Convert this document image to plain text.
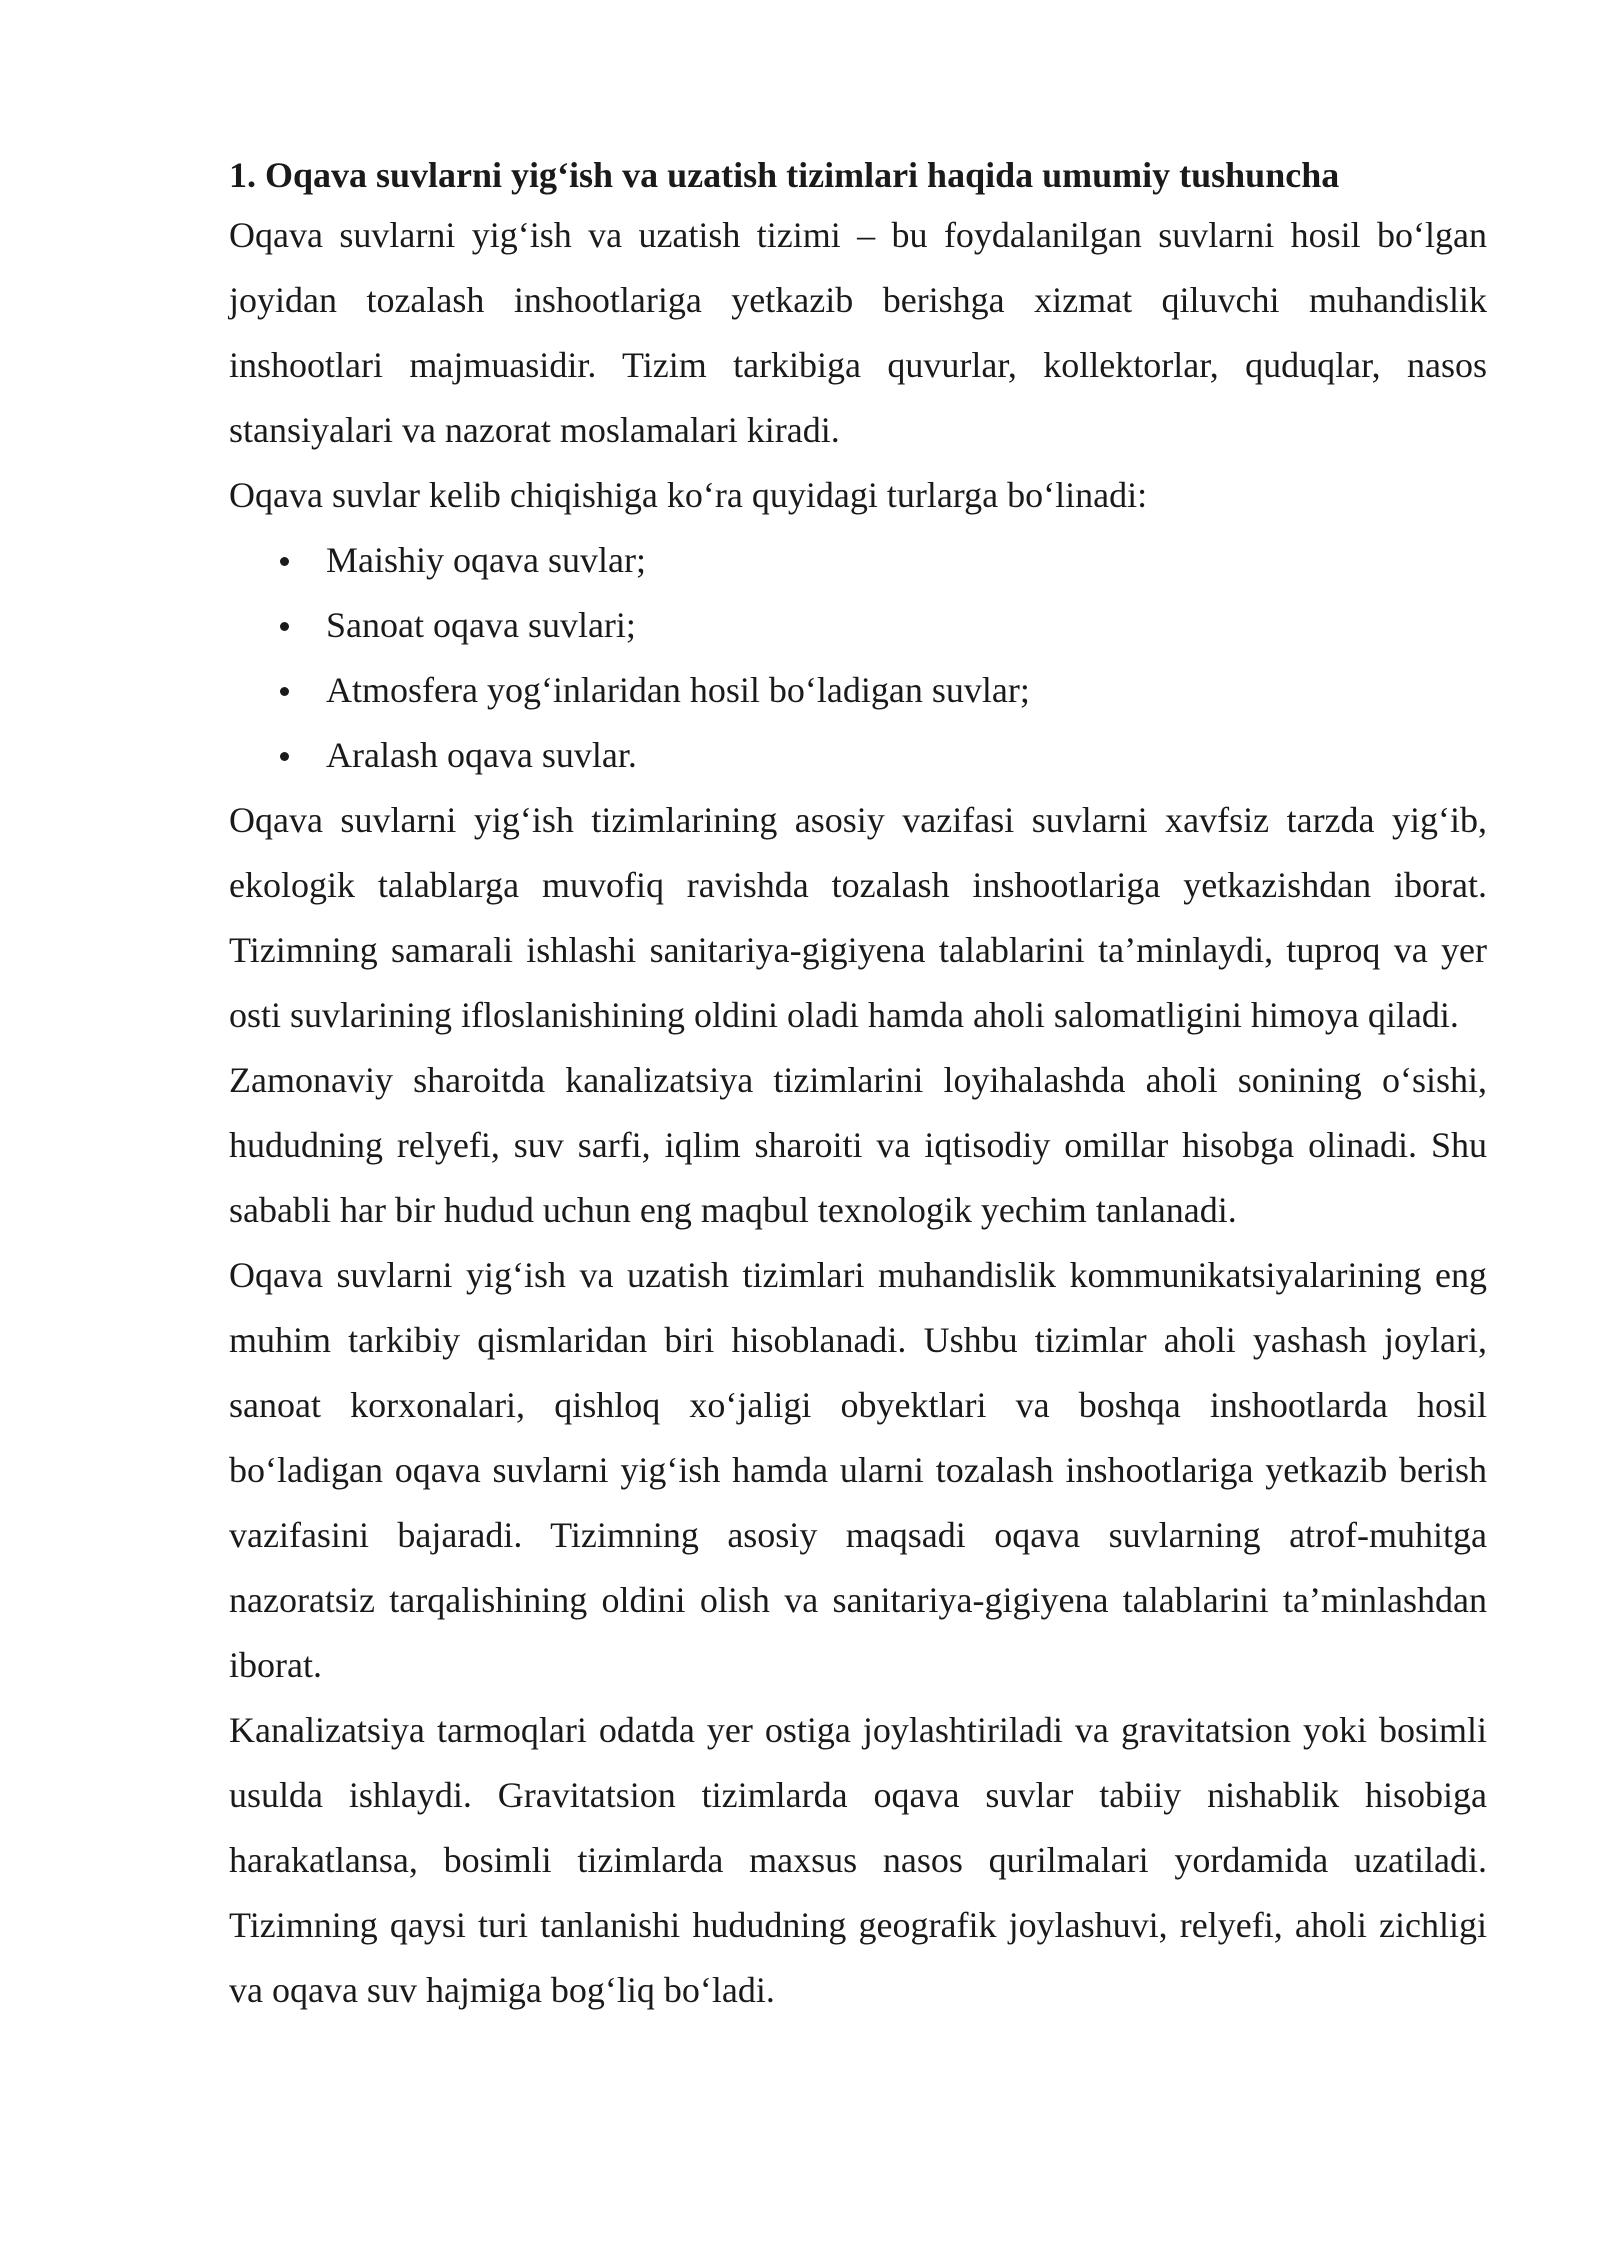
1. Oqava suvlarni yig‘ish va uzatish tizimlari haqida umumiy tushuncha

Oqava suvlarni yig‘ish va uzatish tizimi – bu foydalanilgan suvlarni hosil bo‘lgan joyidan tozalash inshootlariga yetkazib berishga xizmat qiluvchi muhandislik inshootlari majmuasidir. Tizim tarkibiga quvurlar, kollektorlar, quduqlar, nasos stansiyalari va nazorat moslamalari kiradi.

Oqava suvlar kelib chiqishiga ko‘ra quyidagi turlarga bo‘linadi:

Maishiy oqava suvlar;
Sanoat oqava suvlari;
Atmosfera yog‘inlaridan hosil bo‘ladigan suvlar;
Aralash oqava suvlar.

Oqava suvlarni yig‘ish tizimlarining asosiy vazifasi suvlarni xavfsiz tarzda yig‘ib, ekologik talablarga muvofiq ravishda tozalash inshootlariga yetkazishdan iborat. Tizimning samarali ishlashi sanitariya-gigiyena talablarini ta’minlaydi, tuproq va yer osti suvlarining ifloslanishining oldini oladi hamda aholi salomatligini himoya qiladi.

Zamonaviy sharoitda kanalizatsiya tizimlarini loyihalashda aholi sonining o‘sishi, hududning relyefi, suv sarfi, iqlim sharoiti va iqtisodiy omillar hisobga olinadi. Shu sababli har bir hudud uchun eng maqbul texnologik yechim tanlanadi.

Oqava suvlarni yig‘ish va uzatish tizimlari muhandislik kommunikatsiyalarining eng muhim tarkibiy qismlaridan biri hisoblanadi. Ushbu tizimlar aholi yashash joylari, sanoat korxonalari, qishloq xo‘jaligi obyektlari va boshqa inshootlarda hosil bo‘ladigan oqava suvlarni yig‘ish hamda ularni tozalash inshootlariga yetkazib berish vazifasini bajaradi. Tizimning asosiy maqsadi oqava suvlarning atrof-muhitga nazoratsiz tarqalishining oldini olish va sanitariya-gigiyena talablarini ta’minlashdan iborat.

Kanalizatsiya tarmoqlari odatda yer ostiga joylashtiriladi va gravitatsion yoki bosimli usulda ishlaydi. Gravitatsion tizimlarda oqava suvlar tabiiy nishablik hisobiga harakatlansa, bosimli tizimlarda maxsus nasos qurilmalari yordamida uzatiladi. Tizimning qaysi turi tanlanishi hududning geografik joylashuvi, relyefi, aholi zichligi va oqava suv hajmiga bog‘liq bo‘ladi.
